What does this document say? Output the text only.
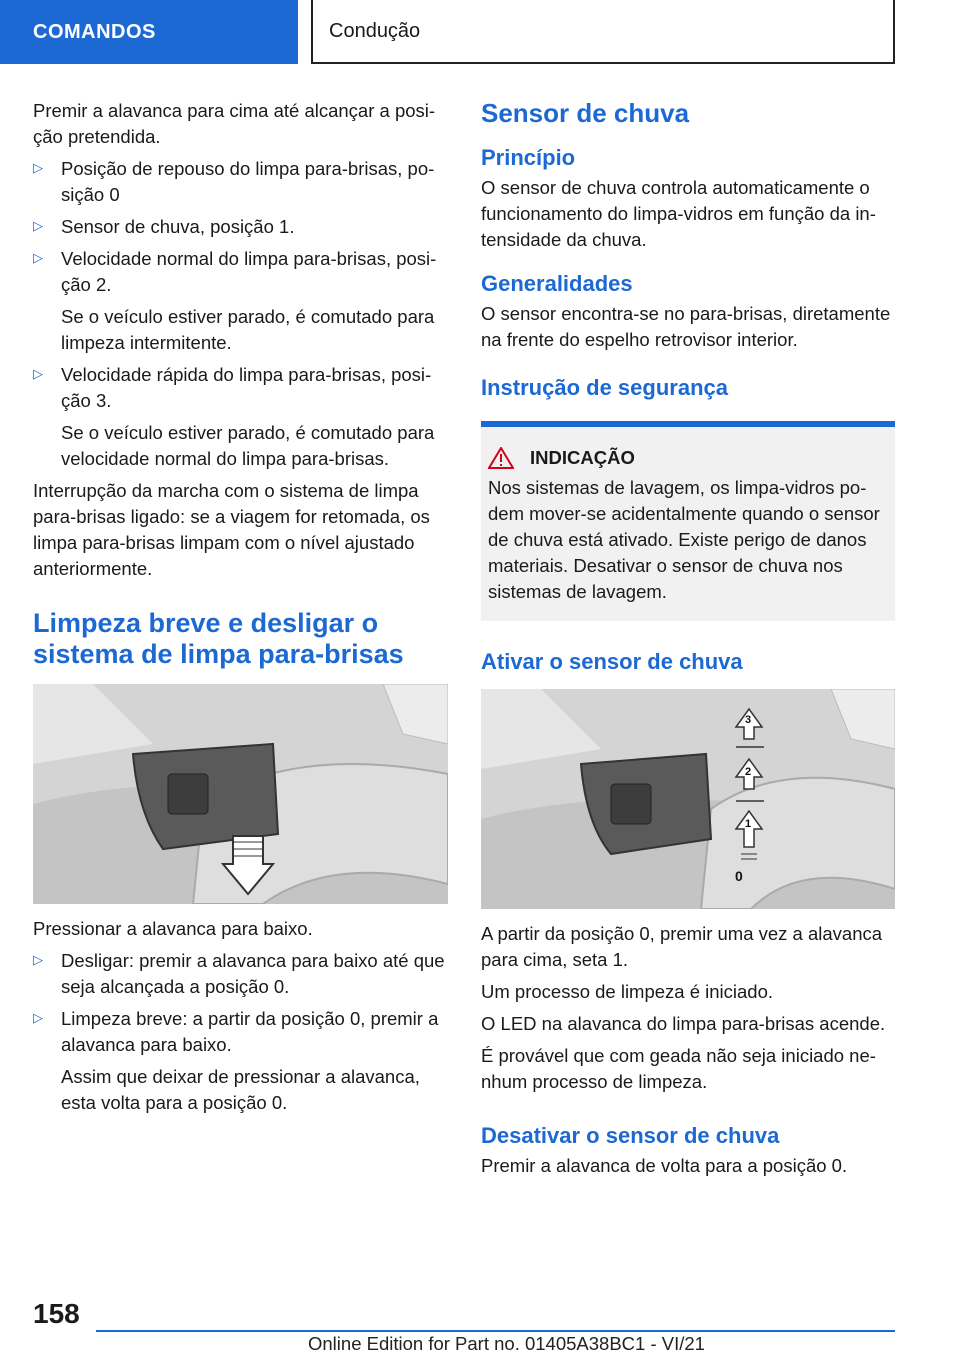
COMANDOS	Condução

Premir a alavanca para cima até alcançar a posição pretendida.

▷ Posição de repouso do limpa para-brisas, posição 0

▷ Sensor de chuva, posição 1.

▷ Velocidade normal do limpa para-brisas, posição 2.

Se o veículo estiver parado, é comutado para limpeza intermitente.

▷ Velocidade rápida do limpa para-brisas, posição 3.

Se o veículo estiver parado, é comutado para velocidade normal do limpa para-brisas.

Interrupção da marcha com o sistema de limpa para-brisas ligado: se a viagem for retomada, os limpa para-brisas limpam com o nível ajustado anteriormente.

Limpeza breve e desligar o sistema de limpa para-brisas

Pressionar a alavanca para baixo.

▷ Desligar: premir a alavanca para baixo até que seja alcançada a posição 0.

▷ Limpeza breve: a partir da posição 0, premir a alavanca para baixo.

Assim que deixar de pressionar a alavanca, esta volta para a posição 0.

Sensor de chuva
Princípio

O sensor de chuva controla automaticamente o funcionamento do limpa-vidros em função da intensidade da chuva.

Generalidades

O sensor encontra-se no para-brisas, diretamente na frente do espelho retrovisor interior.

Instrução de segurança
INDICAÇÃO

Nos sistemas de lavagem, os limpa-vidros podem mover-se acidentalmente quando o sensor de chuva está ativado. Existe perigo de danos materiais. Desativar o sensor de chuva nos sistemas de lavagem.

Ativar o sensor de chuva
3
2
1
0

A partir da posição 0, premir uma vez a alavanca para cima, seta 1.

Um processo de limpeza é iniciado.

O LED na alavanca do limpa para-brisas acende.

É provável que com geada não seja iniciado nenhum processo de limpeza.

Desativar o sensor de chuva

Premir a alavanca de volta para a posição 0.

158
Online Edition for Part no. 01405A38BC1 - VI/21
